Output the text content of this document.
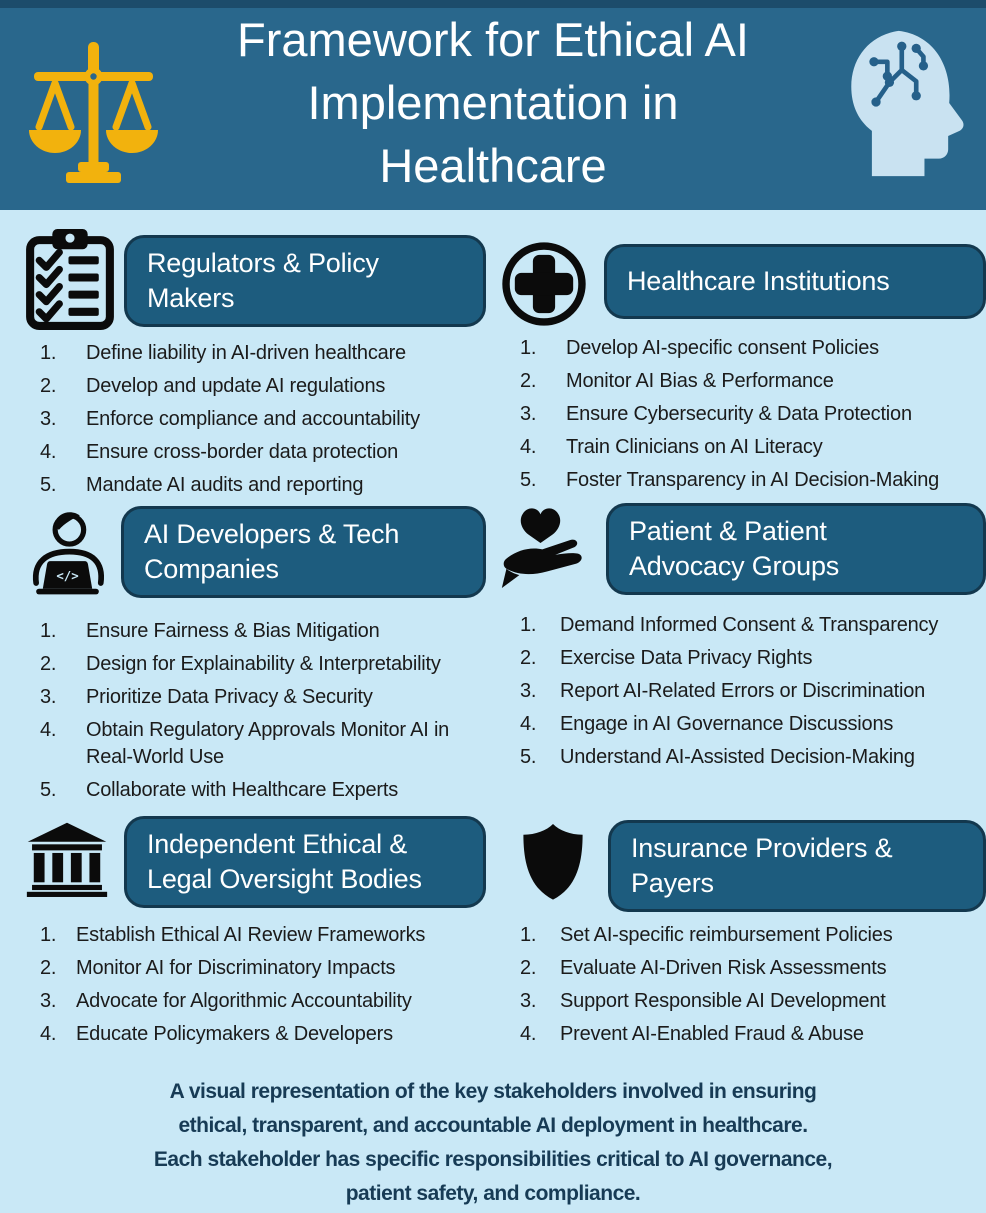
Framework for Ethical AI
Implementation in
Healthcare
Regulators & Policy
Makers
1.	Define liability in AI-driven healthcare
2.	Develop and update AI regulations
3.	Enforce compliance and accountability
4.	Ensure cross-border data protection
5.	Mandate AI audits and reporting
Healthcare Institutions
1.	Develop AI-specific consent Policies
2.	Monitor AI Bias & Performance
3.	Ensure Cybersecurity & Data Protection
4.	Train Clinicians on AI Literacy
5.	Foster Transparency in AI Decision-Making
</>
AI Developers & Tech
Companies
1.	Ensure Fairness & Bias Mitigation
2.	Design for Explainability & Interpretability
3.	Prioritize Data Privacy & Security
4.	Obtain Regulatory Approvals Monitor AI in Real-World Use
5.	Collaborate with Healthcare Experts
Patient & Patient
Advocacy Groups
1.	Demand Informed Consent & Transparency
2.	Exercise Data Privacy Rights
3.	Report AI-Related Errors or Discrimination
4.	Engage in AI Governance Discussions
5.	Understand AI-Assisted Decision-Making
Independent Ethical &
Legal Oversight Bodies
1. Establish Ethical AI Review Frameworks
2. Monitor AI for Discriminatory Impacts
3. Advocate for Algorithmic Accountability
4. Educate Policymakers & Developers
Insurance Providers &
Payers
1.	Set AI-specific reimbursement Policies
2.	Evaluate AI-Driven Risk Assessments
3.	Support Responsible AI Development
4.	Prevent AI-Enabled Fraud & Abuse
A visual representation of the key stakeholders involved in ensuring
ethical, transparent, and accountable AI deployment in healthcare.
Each stakeholder has specific responsibilities critical to AI governance,
patient safety, and compliance.
